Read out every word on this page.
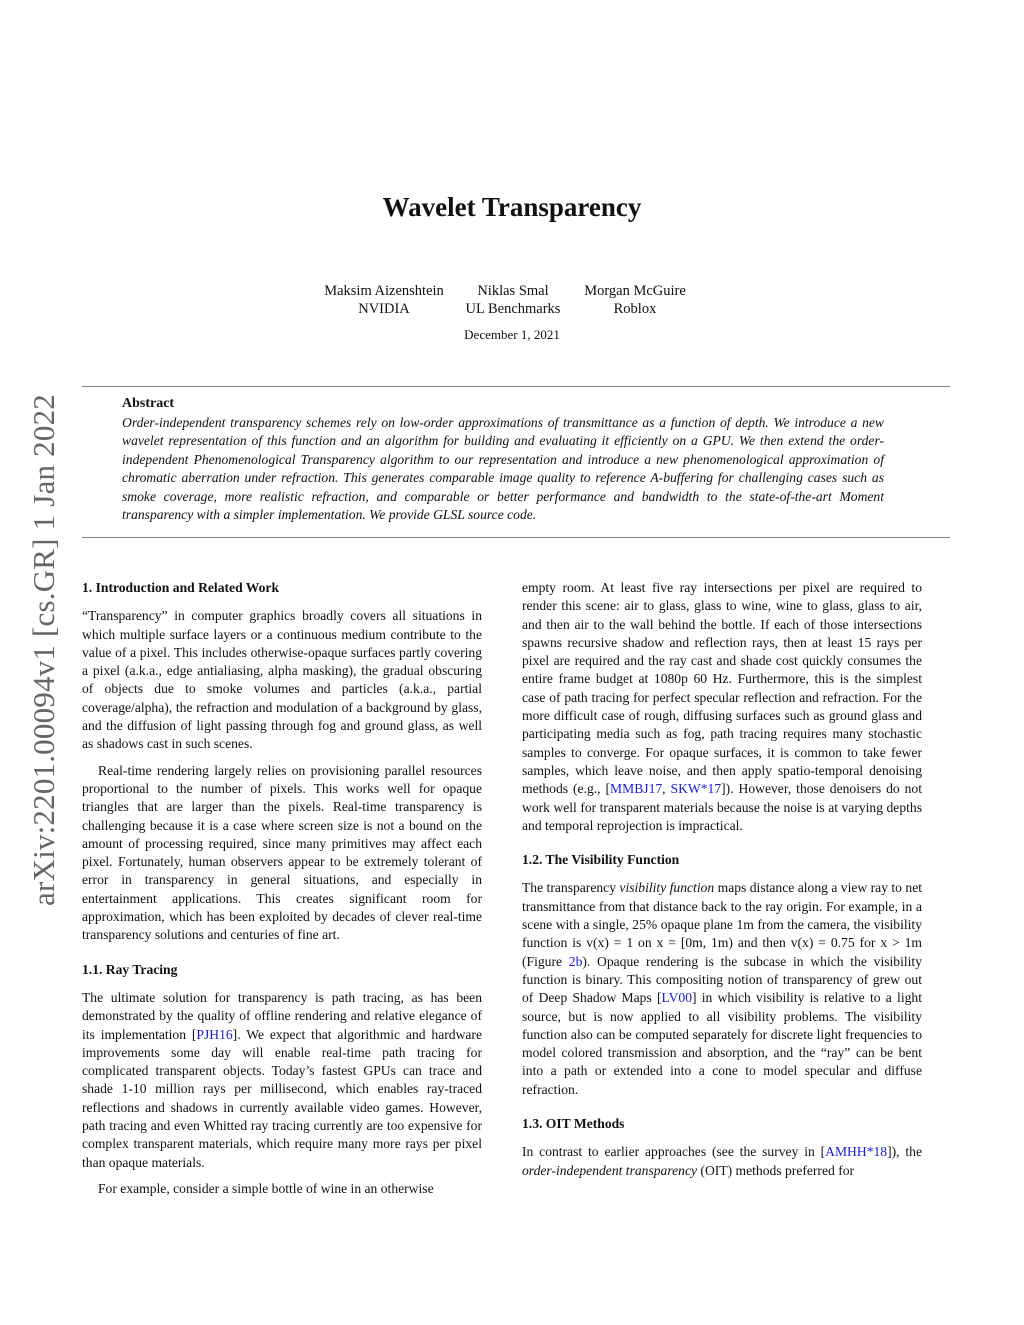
arXiv:2201.00094v1 [cs.GR] 1 Jan 2022
Wavelet Transparency
Maksim Aizenshtein
NVIDIA
Niklas Smal
UL Benchmarks
Morgan McGuire
Roblox
December 1, 2021
Abstract
Order-independent transparency schemes rely on low-order approximations of transmittance as a function of depth. We introduce a new wavelet representation of this function and an algorithm for building and evaluating it efficiently on a GPU. We then extend the order-independent Phenomenological Transparency algorithm to our representation and introduce a new phenomenological approximation of chromatic aberration under refraction. This generates comparable image quality to reference A-buffering for challenging cases such as smoke coverage, more realistic refraction, and comparable or better performance and bandwidth to the state-of-the-art Moment transparency with a simpler implementation. We provide GLSL source code.
1. Introduction and Related Work

“Transparency” in computer graphics broadly covers all situations in which multiple surface layers or a continuous medium contribute to the value of a pixel. This includes otherwise-opaque surfaces partly covering a pixel (a.k.a., edge antialiasing, alpha masking), the gradual obscuring of objects due to smoke volumes and particles (a.k.a., partial coverage/alpha), the refraction and modulation of a background by glass, and the diffusion of light passing through fog and ground glass, as well as shadows cast in such scenes.

Real-time rendering largely relies on provisioning parallel resources proportional to the number of pixels. This works well for opaque triangles that are larger than the pixels. Real-time transparency is challenging because it is a case where screen size is not a bound on the amount of processing required, since many primitives may affect each pixel. Fortunately, human observers appear to be extremely tolerant of error in transparency in general situations, and especially in entertainment applications. This creates significant room for approximation, which has been exploited by decades of clever real-time transparency solutions and centuries of fine art.

1.1. Ray Tracing

The ultimate solution for transparency is path tracing, as has been demonstrated by the quality of offline rendering and relative elegance of its implementation [PJH16]. We expect that algorithmic and hardware improvements some day will enable real-time path tracing for complicated transparent objects. Today’s fastest GPUs can trace and shade 1-10 million rays per millisecond, which enables ray-traced reflections and shadows in currently available video games. However, path tracing and even Whitted ray tracing currently are too expensive for complex transparent materials, which require many more rays per pixel than opaque materials.

For example, consider a simple bottle of wine in an otherwise

empty room. At least five ray intersections per pixel are required to render this scene: air to glass, glass to wine, wine to glass, glass to air, and then air to the wall behind the bottle. If each of those intersections spawns recursive shadow and reflection rays, then at least 15 rays per pixel are required and the ray cast and shade cost quickly consumes the entire frame budget at 1080p 60 Hz. Furthermore, this is the simplest case of path tracing for perfect specular reflection and refraction. For the more difficult case of rough, diffusing surfaces such as ground glass and participating media such as fog, path tracing requires many stochastic samples to converge. For opaque surfaces, it is common to take fewer samples, which leave noise, and then apply spatio-temporal denoising methods (e.g., [MMBJ17, SKW*17]). However, those denoisers do not work well for transparent materials because the noise is at varying depths and temporal reprojection is impractical.

1.2. The Visibility Function

The transparency visibility function maps distance along a view ray to net transmittance from that distance back to the ray origin. For example, in a scene with a single, 25% opaque plane 1m from the camera, the visibility function is v(x) = 1 on x = [0m, 1m) and then v(x) = 0.75 for x > 1m (Figure 2b). Opaque rendering is the subcase in which the visibility function is binary. This compositing notion of transparency of grew out of Deep Shadow Maps [LV00] in which visibility is relative to a light source, but is now applied to all visibility problems. The visibility function also can be computed separately for discrete light frequencies to model colored transmission and absorption, and the “ray” can be bent into a path or extended into a cone to model specular and diffuse refraction.

1.3. OIT Methods

In contrast to earlier approaches (see the survey in [AMHH*18]), the order-independent transparency (OIT) methods preferred for
